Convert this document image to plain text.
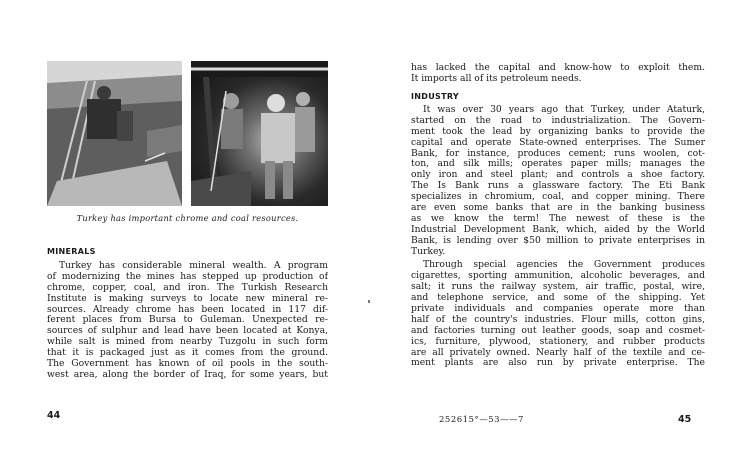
Turkey has important chrome and coal resources.
MINERALS
Turkey has considerable mineral wealth. A program
of modernizing the mines has stepped up production of
chrome, copper, coal, and iron. The Turkish Research
Institute is making surveys to locate new mineral re-
sources. Already chrome has been located in 117 dif-
ferent places from Bursa to Guleman. Unexpected re-
sources of sulphur and lead have been located at Konya,
while salt is mined from nearby Tuzgolu in such form
that it is packaged just as it comes from the ground.
The Government has known of oil pools in the south-
west area, along the border of Iraq, for some years, but
44
has lacked the capital and know-how to exploit them.
It imports all of its petroleum needs.
INDUSTRY
It was over 30 years ago that Turkey, under Ataturk,
started on the road to industrialization. The Govern-
ment took the lead by organizing banks to provide the
capital and operate State-owned enterprises. The Sumer
Bank, for instance, produces cement; runs woolen, cot-
ton, and silk mills; operates paper mills; manages the
only iron and steel plant; and controls a shoe factory.
The Is Bank runs a glassware factory. The Eti Bank
specializes in chromium, coal, and copper mining. There
are even some banks that are in the banking business
as we know the term! The newest of these is the
Industrial Development Bank, which, aided by the World
Bank, is lending over $50 million to private enterprises in
Turkey.
Through special agencies the Government produces
cigarettes, sporting ammunition, alcoholic beverages, and
salt; it runs the railway system, air traffic, postal, wire,
and telephone service, and some of the shipping. Yet
private individuals and companies operate more than
half of the country's industries. Flour mills, cotton gins,
and factories turning out leather goods, soap and cosmet-
ics, furniture, plywood, stationery, and rubber products
are all privately owned. Nearly half of the textile and ce-
ment plants are also run by private enterprise. The
252615°—53——7	45
